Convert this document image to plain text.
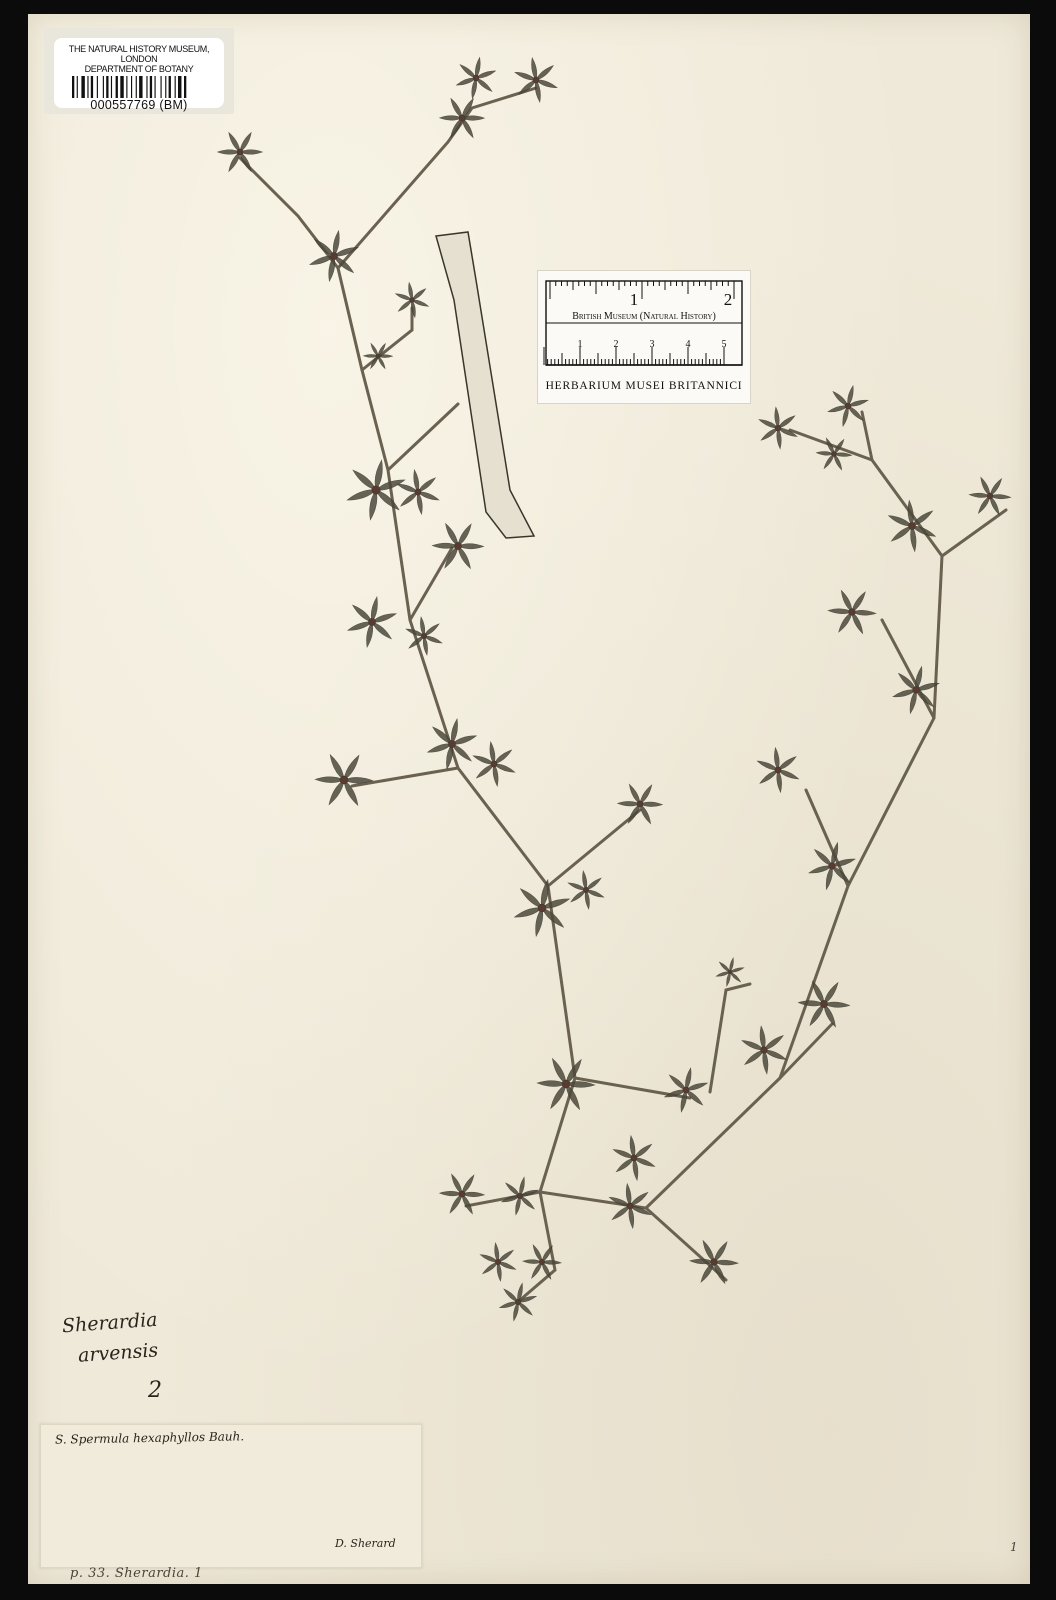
THE NATURAL HISTORY MUSEUM, LONDON
DEPARTMENT OF BOTANY
000557769 (BM)
1	2
British Museum (Natural History)
1	2	3	4	5
HERBARIUM MUSEI BRITANNICI
Sherardia
arvensis
2
S. Spermula hexaphyllos Bauh.
D. Sherard
p. 33. Sherardia. 1
1
